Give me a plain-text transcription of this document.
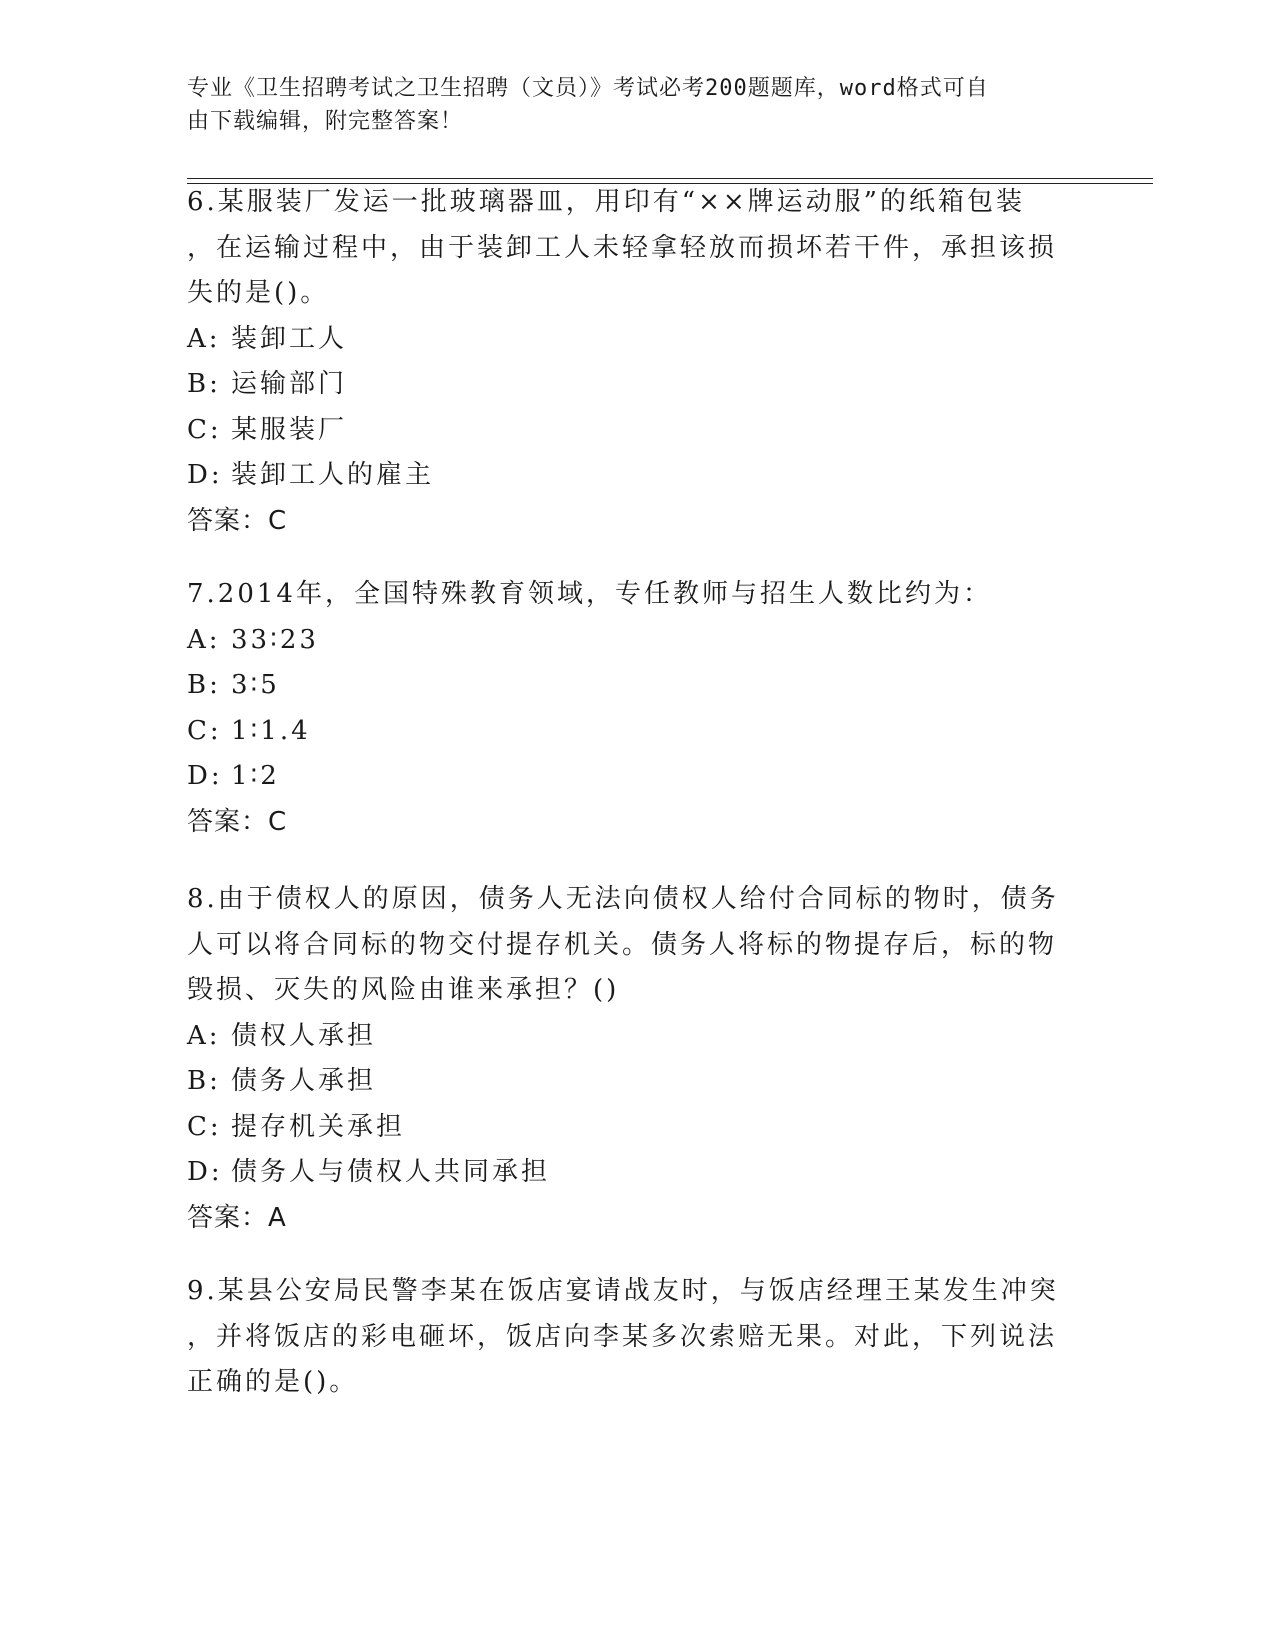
专业《卫生招聘考试之卫生招聘（文员）》考试必考200题题库，word格式可自
由下载编辑，附完整答案！
6.某服装厂发运一批玻璃器皿，用印有“××牌运动服”的纸箱包装
，在运输过程中，由于装卸工人未轻拿轻放而损坏若干件，承担该损
失的是()。
A: 装卸工人
B: 运输部门
C: 某服装厂
D: 装卸工人的雇主
答案：C
7.2014年，全国特殊教育领域，专任教师与招生人数比约为：
A: 33∶23
B: 3∶5
C: 1∶1.4
D: 1∶2
答案：C
8.由于债权人的原因，债务人无法向债权人给付合同标的物时，债务
人可以将合同标的物交付提存机关。债务人将标的物提存后，标的物
毁损、灭失的风险由谁来承担？()
A: 债权人承担
B: 债务人承担
C: 提存机关承担
D: 债务人与债权人共同承担
答案：A
9.某县公安局民警李某在饭店宴请战友时，与饭店经理王某发生冲突
，并将饭店的彩电砸坏，饭店向李某多次索赔无果。对此，下列说法
正确的是()。
